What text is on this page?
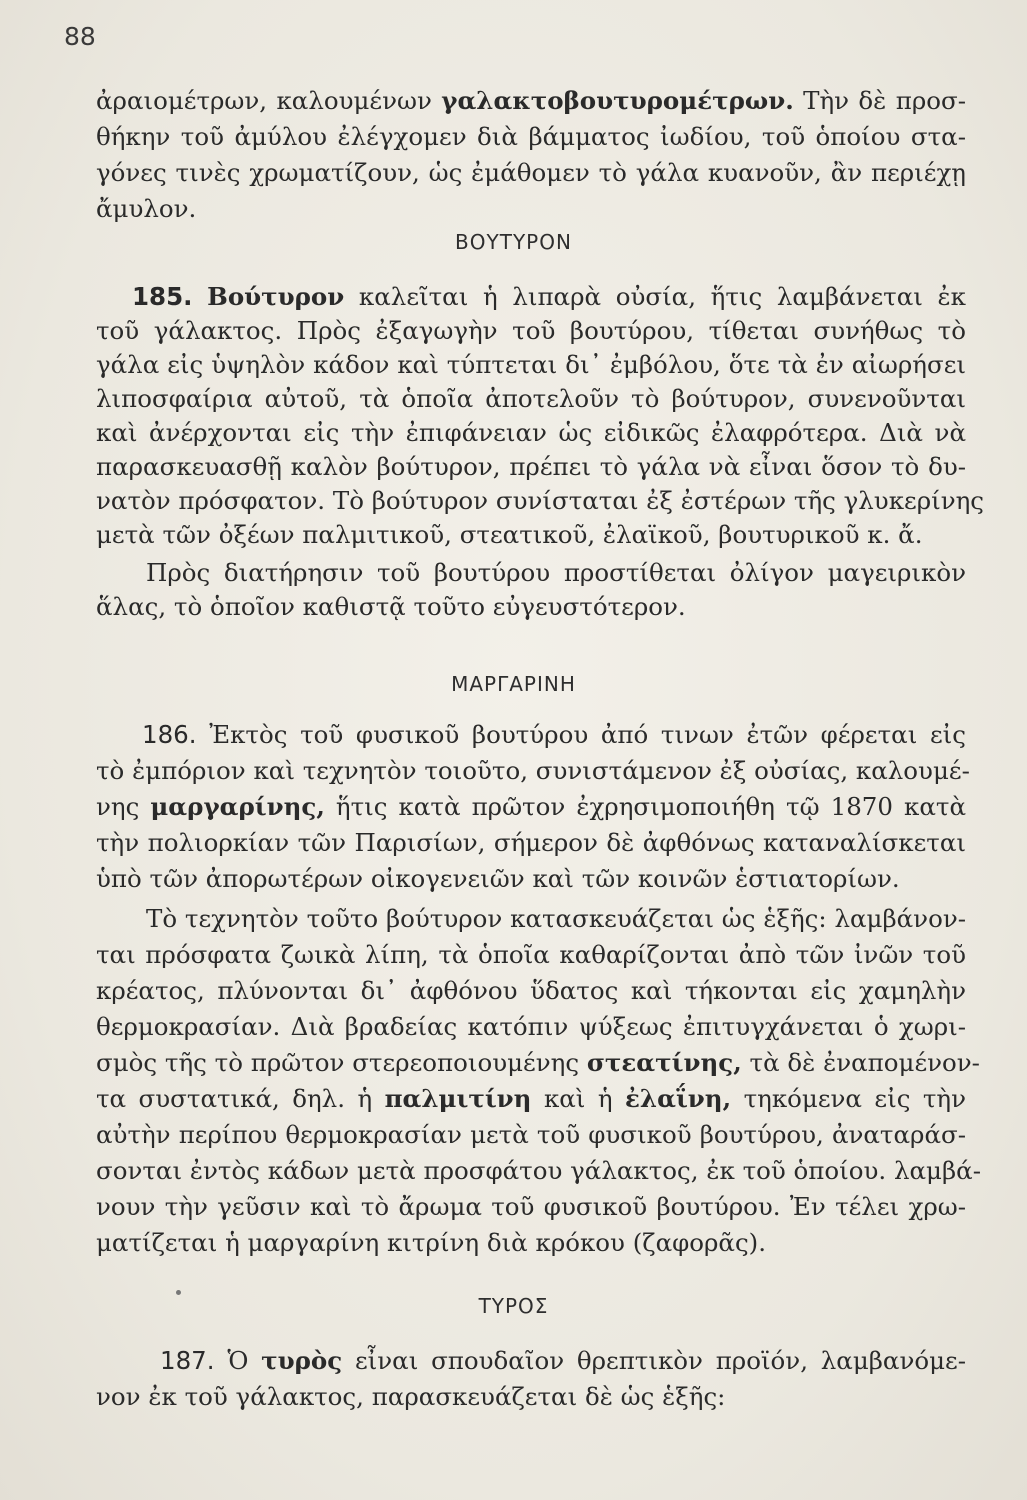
88
ἀραιομέτρων, καλουμένων γαλακτοβουτυρομέτρων. Τὴν δὲ προσ-
θήκην τοῦ ἀμύλου ἐλέγχομεν διὰ βάμματος ἰωδίου, τοῦ ὁποίου στα-
γόνες τινὲς χρωματίζουν, ὡς ἐμάθομεν τὸ γάλα κυανοῦν, ἂν περιέχῃ
ἄμυλον.
ΒΟΥΤΥΡΟΝ
185. Βούτυρον καλεῖται ἡ λιπαρὰ οὐσία, ἥτις λαμβάνεται ἐκ
τοῦ γάλακτος. Πρὸς ἐξαγωγὴν τοῦ βουτύρου, τίθεται συνήθως τὸ
γάλα εἰς ὑψηλὸν κάδον καὶ τύπτεται δι᾽ ἐμβόλου, ὅτε τὰ ἐν αἰωρήσει
λιποσφαίρια αὐτοῦ, τὰ ὁποῖα ἀποτελοῦν τὸ βούτυρον, συνενοῦνται
καὶ ἀνέρχονται εἰς τὴν ἐπιφάνειαν ὡς εἰδικῶς ἐλαφρότερα. Διὰ νὰ
παρασκευασθῇ καλὸν βούτυρον, πρέπει τὸ γάλα νὰ εἶναι ὅσον τὸ δυ-
νατὸν πρόσφατον. Τὸ βούτυρον συνίσταται ἐξ ἐστέρων τῆς γλυκερίνης
μετὰ τῶν ὀξέων παλμιτικοῦ, στεατικοῦ, ἐλαϊκοῦ, βουτυρικοῦ κ. ἄ.
Πρὸς διατήρησιν τοῦ βουτύρου προστίθεται ὀλίγον μαγειρικὸν
ἅλας, τὸ ὁποῖον καθιστᾷ τοῦτο εὐγευστότερον.
ΜΑΡΓΑΡΙΝΗ
186. Ἐκτὸς τοῦ φυσικοῦ βουτύρου ἀπό τινων ἐτῶν φέρεται εἰς
τὸ ἐμπόριον καὶ τεχνητὸν τοιοῦτο, συνιστάμενον ἐξ οὐσίας, καλουμέ-
νης μαργαρίνης, ἥτις κατὰ πρῶτον ἐχρησιμοποιήθη τῷ 1870 κατὰ
τὴν πολιορκίαν τῶν Παρισίων, σήμερον δὲ ἀφθόνως καταναλίσκεται
ὑπὸ τῶν ἀπορωτέρων οἰκογενειῶν καὶ τῶν κοινῶν ἑστιατορίων.
Τὸ τεχνητὸν τοῦτο βούτυρον κατασκευάζεται ὡς ἑξῆς: λαμβάνον-
ται πρόσφατα ζωικὰ λίπη, τὰ ὁποῖα καθαρίζονται ἀπὸ τῶν ἰνῶν τοῦ
κρέατος, πλύνονται δι᾽ ἀφθόνου ὕδατος καὶ τήκονται εἰς χαμηλὴν
θερμοκρασίαν. Διὰ βραδείας κατόπιν ψύξεως ἐπιτυγχάνεται ὁ χωρι-
σμὸς τῆς τὸ πρῶτον στερεοποιουμένης στεατίνης, τὰ δὲ ἐναπομένον-
τα συστατικά, δηλ. ἡ παλμιτίνη καὶ ἡ ἐλαΐνη, τηκόμενα εἰς τὴν
αὐτὴν περίπου θερμοκρασίαν μετὰ τοῦ φυσικοῦ βουτύρου, ἀναταράσ-
σονται ἐντὸς κάδων μετὰ προσφάτου γάλακτος, ἐκ τοῦ ὁποίου. λαμβά-
νουν τὴν γεῦσιν καὶ τὸ ἄρωμα τοῦ φυσικοῦ βουτύρου. Ἐν τέλει χρω-
ματίζεται ἡ μαργαρίνη κιτρίνη διὰ κρόκου (ζαφορᾶς).
ΤΥΡΟΣ
187. Ὁ τυρὸς εἶναι σπουδαῖον θρεπτικὸν προϊόν, λαμβανόμε-
νον ἐκ τοῦ γάλακτος, παρασκευάζεται δὲ ὡς ἑξῆς:
